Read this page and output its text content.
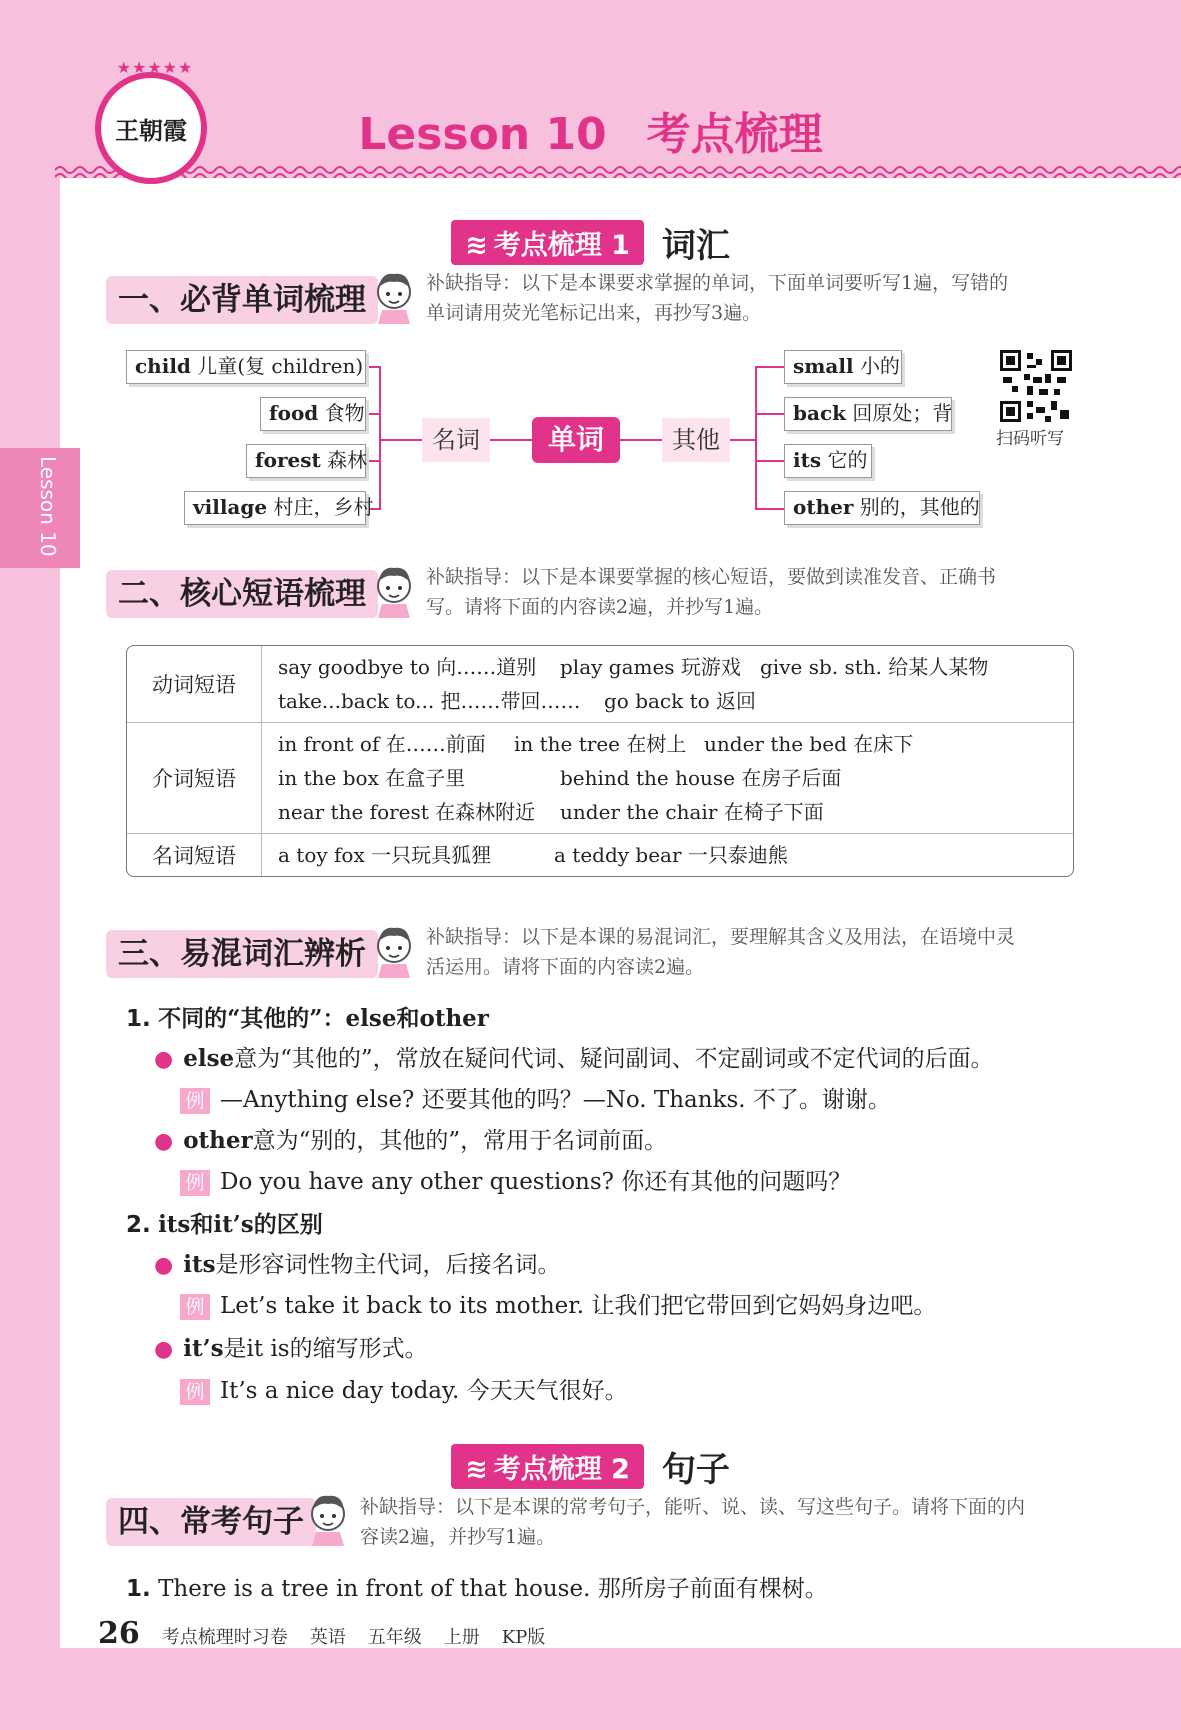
★★★★★
王朝霞	Lesson 10 考点梳理
Lesson 10
≋ 考点梳理 1 词汇
一、必背单词梳理	补缺指导：以下是本课要求掌握的单词，下面单词要听写1遍，写错的
单词请用荧光笔标记出来，再抄写3遍。
child 儿童(复 children)
food 食物
forest 森林
village 村庄，乡村
名词	单词	其他
small 小的
back 回原处；背
its 它的
other 别的，其他的
扫码听写
二、核心短语梳理	补缺指导：以下是本课要掌握的核心短语，要做到读准发音、正确书
写。请将下面的内容读2遍，并抄写1遍。
动词短语	say goodbye to 向……道别 play games 玩游戏 give sb. sth. 给某人某物
take...back to... 把……带回…… go back to 返回

介词短语	in front of 在……前面 in the tree 在树上 under the bed 在床下
in the box 在盒子里 behind the house 在房子后面
near the forest 在森林附近 under the chair 在椅子下面

名词短语	a toy fox 一只玩具狐狸 a teddy bear 一只泰迪熊
三、易混词汇辨析	补缺指导：以下是本课的易混词汇，要理解其含义及用法，在语境中灵
活运用。请将下面的内容读2遍。
1. 不同的“其他的”：else和other
● else意为“其他的”，常放在疑问代词、疑问副词、不定副词或不定代词的后面。
例 —Anything else? 还要其他的吗？—No. Thanks. 不了。谢谢。
● other意为“别的，其他的”，常用于名词前面。
例 Do you have any other questions? 你还有其他的问题吗？
2. its和it’s的区别
● its是形容词性物主代词，后接名词。
例 Let’s take it back to its mother. 让我们把它带回到它妈妈身边吧。
● it’s是it is的缩写形式。
例 It’s a nice day today. 今天天气很好。
≋ 考点梳理 2 句子
四、常考句子	补缺指导：以下是本课的常考句子，能听、说、读、写这些句子。请将下面的内
容读2遍，并抄写1遍。
1. There is a tree in front of that house. 那所房子前面有棵树。
26 考点梳理时习卷 英语 五年级 上册 KP版
